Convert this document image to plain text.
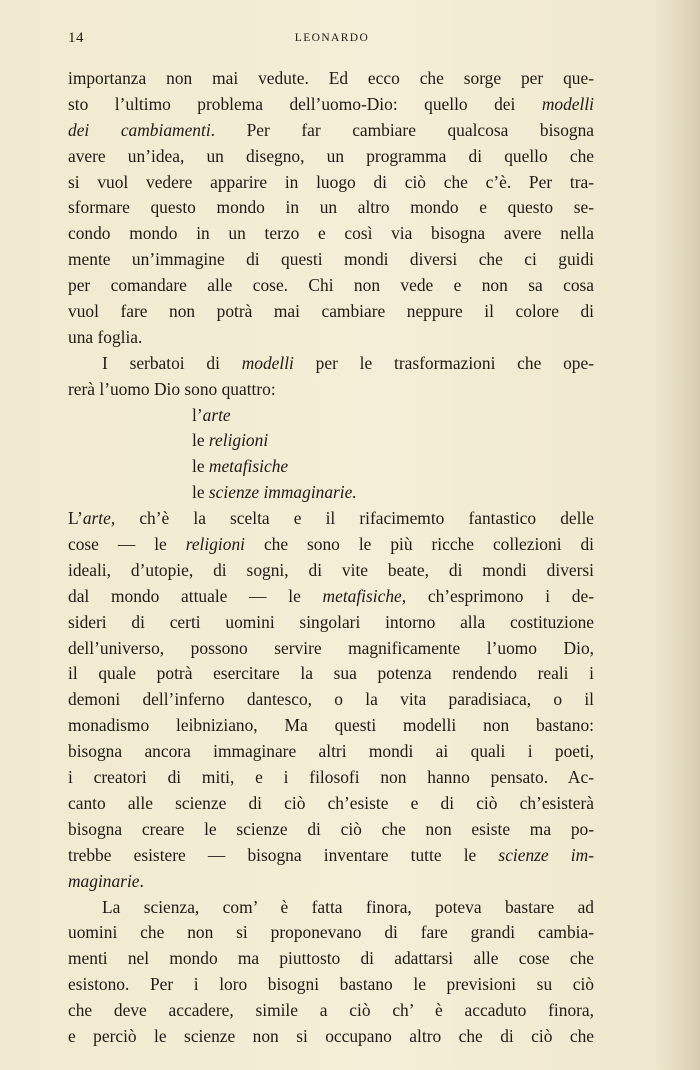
14	LEONARDO
importanza non mai vedute. Ed ecco che sorge per que-
sto l’ultimo problema dell’uomo-Dio: quello dei modelli
dei cambiamenti. Per far cambiare qualcosa bisogna
avere un’idea, un disegno, un programma di quello che
si vuol vedere apparire in luogo di ciò che c’è. Per tra-
sformare questo mondo in un altro mondo e questo se-
condo mondo in un terzo e così via bisogna avere nella
mente un’immagine di questi mondi diversi che ci guidi
per comandare alle cose. Chi non vede e non sa cosa
vuol fare non potrà mai cambiare neppure il colore di
una foglia.
I serbatoi di modelli per le trasformazioni che ope-
rerà l’uomo Dio sono quattro:
l’arte
le religioni
le metafisiche
le scienze immaginarie.
L’arte, ch’è la scelta e il rifacimemto fantastico delle
cose — le religioni che sono le più ricche collezioni di
ideali, d’utopie, di sogni, di vite beate, di mondi diversi
dal mondo attuale — le metafisiche, ch’esprimono i de-
sideri di certi uomini singolari intorno alla costituzione
dell’universo, possono servire magnificamente l’uomo Dio,
il quale potrà esercitare la sua potenza rendendo reali i
demoni dell’inferno dantesco, o la vita paradisiaca, o il
monadismo leibniziano, Ma questi modelli non bastano:
bisogna ancora immaginare altri mondi ai quali i poeti,
i creatori di miti, e i filosofi non hanno pensato. Ac-
canto alle scienze di ciò ch’esiste e di ciò ch’esisterà
bisogna creare le scienze di ciò che non esiste ma po-
trebbe esistere — bisogna inventare tutte le scienze im-
maginarie.
La scienza, com’ è fatta finora, poteva bastare ad
uomini che non si proponevano di fare grandi cambia-
menti nel mondo ma piuttosto di adattarsi alle cose che
esistono. Per i loro bisogni bastano le previsioni su ciò
che deve accadere, simile a ciò ch’ è accaduto finora,
e perciò le scienze non si occupano altro che di ciò che
